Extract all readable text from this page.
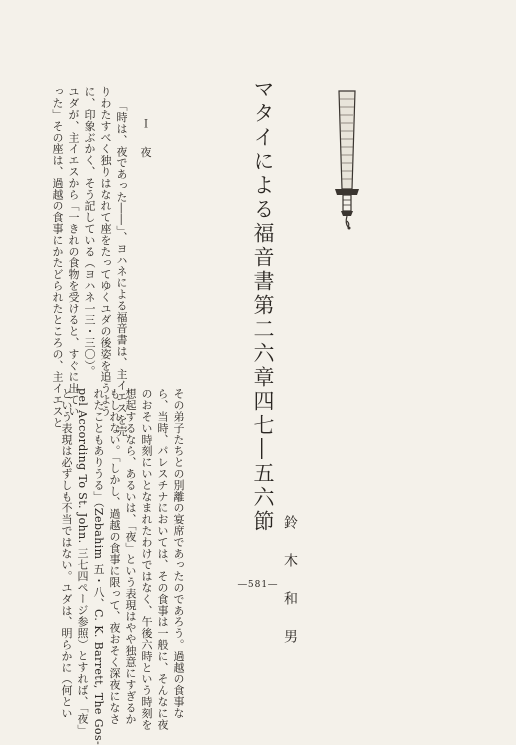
マタイによる福音書第二六章四七―五六節
鈴木和男
Ｉ 夜
「時は、夜であった――」、ヨハネによる福音書は、主イエスを売
りわたすべく独りはなれて座をたってゆくユダの後姿を追うよう
に、印象ぶかく、そう記している（ヨハネ一三・三〇）。
ユダが、主イエスから「一きれの食物を受けると、すぐに出てい
った」その座は、過越の食事にかたどられたところの、主イエスと
その弟子たちとの別離の宴席であったのであろう。過越の食事な
ら、当時、パレスチナにおいては、その食事は一般に、そんなに夜
のおそい時刻にいとなまれたわけではなく、午後六時という時刻を
想起するなら、あるいは、「夜」という表現はやや独意にすぎるか
もしれない。「しかし、過越の食事に限って、夜おそく深夜になさ
れたこともありうる」（Zebahim 五・八、C. K. Barrett, The Gos-
pel According To St. John. 三七四ページ参照）とすれば、「夜」
という表現は必ずしも不当ではない。ユダは、明らかに（何とい	―581―
